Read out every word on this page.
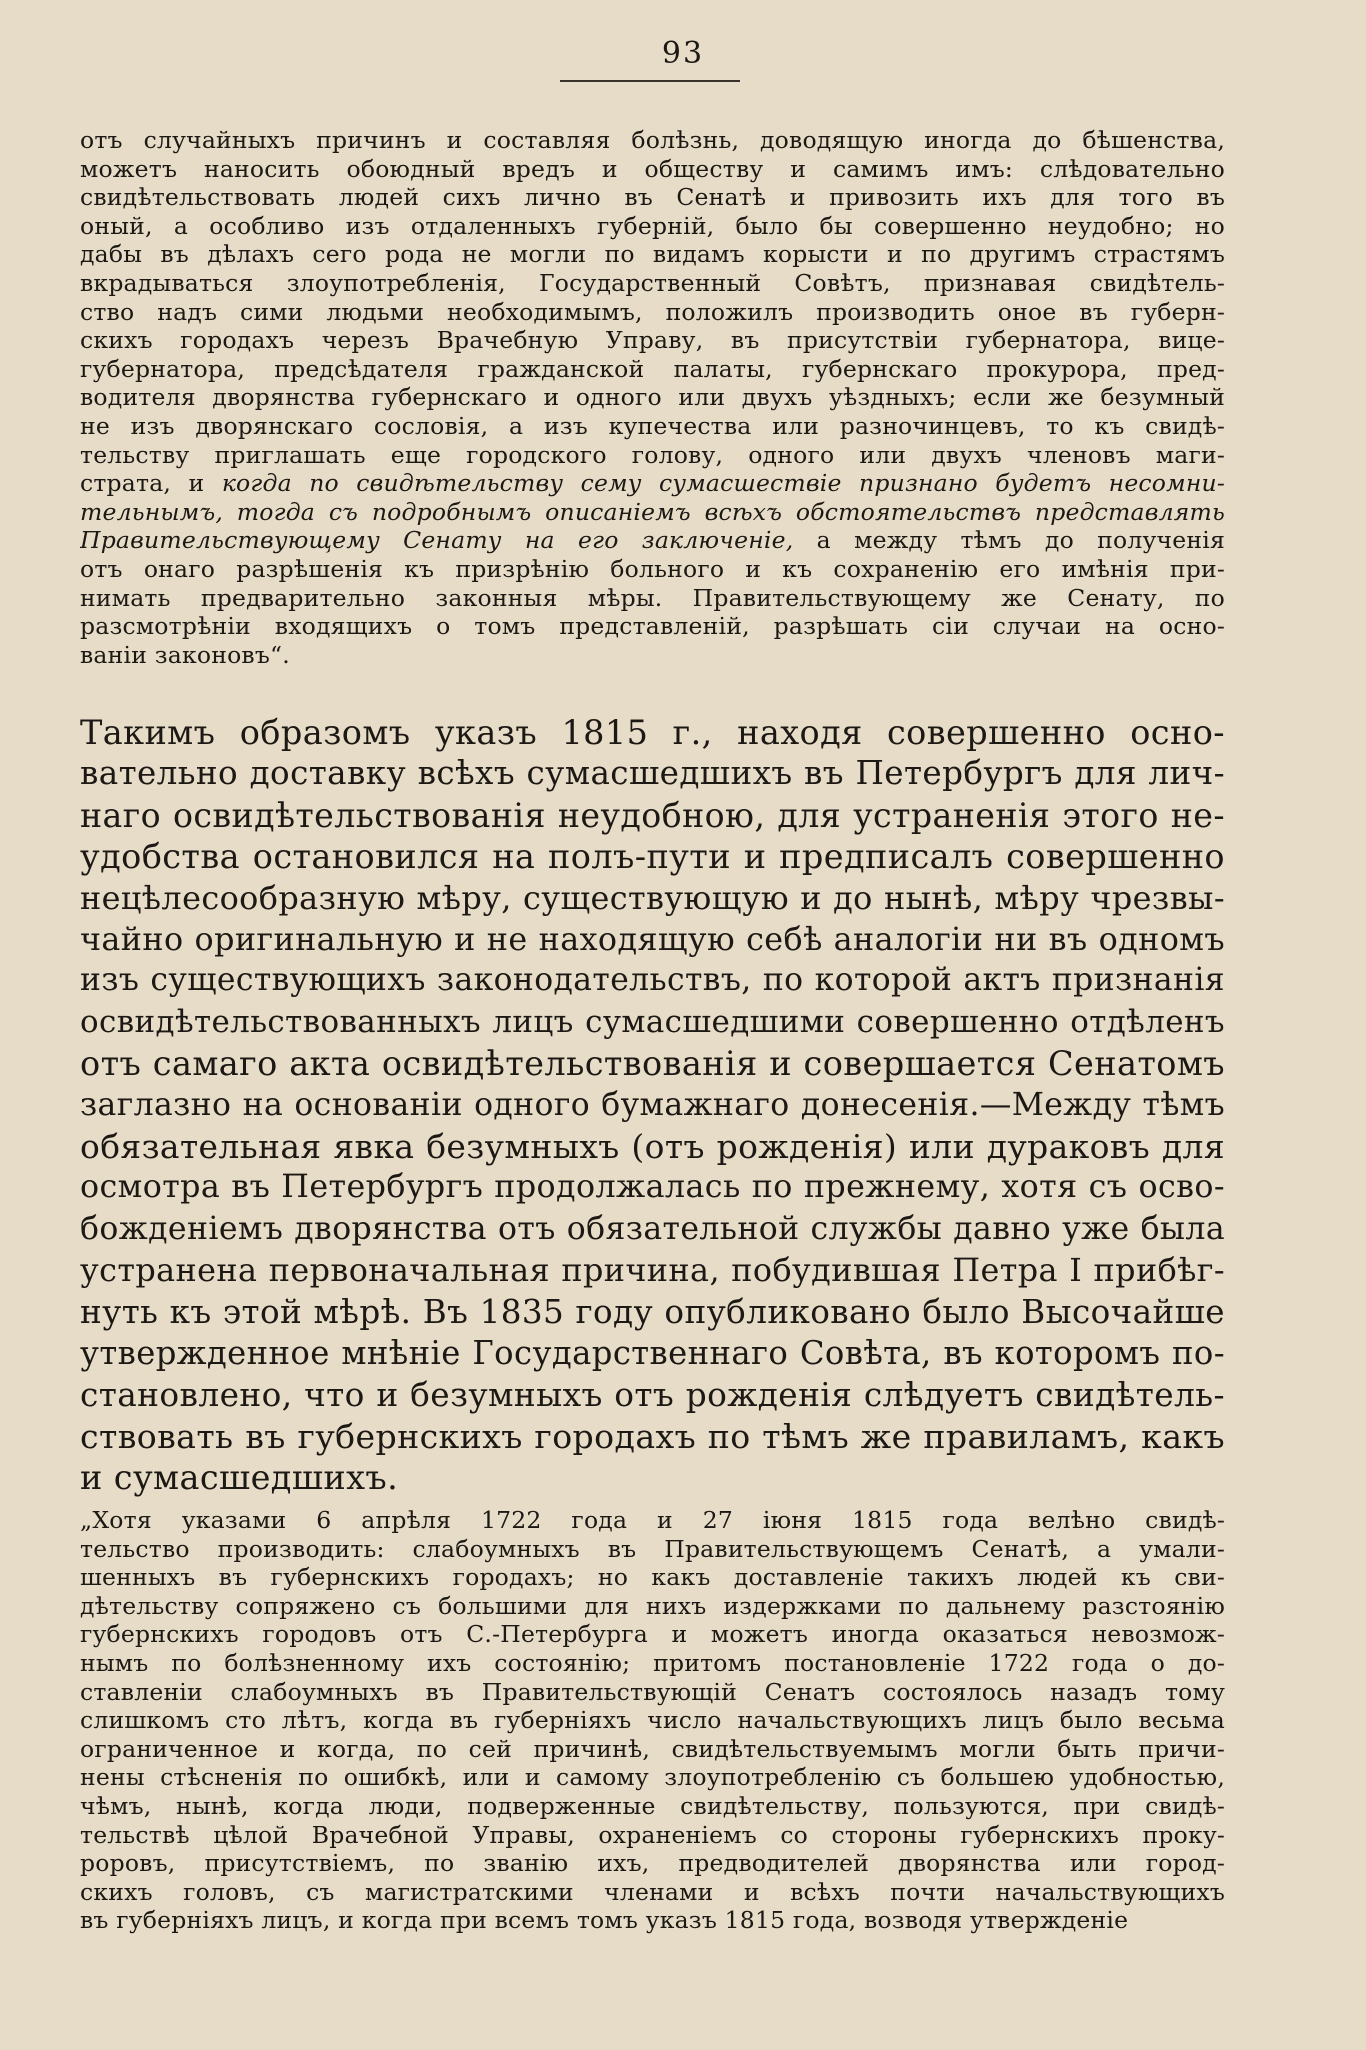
93
отъ случайныхъ причинъ и составляя болѣзнь, доводящую иногда до бѣшенства,
можетъ наносить обоюдный вредъ и обществу и самимъ имъ: слѣдовательно
свидѣтельствовать людей сихъ лично въ Сенатѣ и привозить ихъ для того въ
оный, а особливо изъ отдаленныхъ губерній, было бы совершенно неудобно; но
дабы въ дѣлахъ сего рода не могли по видамъ корысти и по другимъ страстямъ
вкрадываться злоупотребленія, Государственный Совѣтъ, признавая свидѣтель-
ство надъ сими людьми необходимымъ, положилъ производить оное въ губерн-
скихъ городахъ черезъ Врачебную Управу, въ присутствіи губернатора, вице-
губернатора, предсѣдателя гражданской палаты, губернскаго прокурора, пред-
водителя дворянства губернскаго и одного или двухъ уѣздныхъ; если же безумный
не изъ дворянскаго сословія, а изъ купечества или разночинцевъ, то къ свидѣ-
тельству приглашать еще городского голову, одного или двухъ членовъ маги-
страта, и когда по свидѣтельству сему сумасшествіе признано будетъ несомни-
тельнымъ, тогда съ подробнымъ описаніемъ всѣхъ обстоятельствъ представлять
Правительствующему Сенату на его заключеніе, а между тѣмъ до полученія
отъ онаго разрѣшенія къ призрѣнію больного и къ сохраненію его имѣнія при-
нимать предварительно законныя мѣры. Правительствующему же Сенату, по
разсмотрѣніи входящихъ о томъ представленій, разрѣшать сіи случаи на осно-
ваніи законовъ“.
Такимъ образомъ указъ 1815 г., находя совершенно осно-
вательно доставку всѣхъ сумасшедшихъ въ Петербургъ для лич-
наго освидѣтельствованія неудобною, для устраненія этого не-
удобства остановился на полъ-пути и предписалъ совершенно
нецѣлесообразную мѣру, существующую и до нынѣ, мѣру чрезвы-
чайно оригинальную и не находящую себѣ аналогіи ни въ одномъ
изъ существующихъ законодательствъ, по которой актъ признанія
освидѣтельствованныхъ лицъ сумасшедшими совершенно отдѣленъ
отъ самаго акта освидѣтельствованія и совершается Сенатомъ
заглазно на основаніи одного бумажнаго донесенія.—Между тѣмъ
обязательная явка безумныхъ (отъ рожденія) или дураковъ для
осмотра въ Петербургъ продолжалась по прежнему, хотя съ осво-
божденіемъ дворянства отъ обязательной службы давно уже была
устранена первоначальная причина, побудившая Петра I прибѣг-
нуть къ этой мѣрѣ. Въ 1835 году опубликовано было Высочайше
утвержденное мнѣніе Государственнаго Совѣта, въ которомъ по-
становлено, что и безумныхъ отъ рожденія слѣдуетъ свидѣтель-
ствовать въ губернскихъ городахъ по тѣмъ же правиламъ, какъ
и сумасшедшихъ.
„Хотя указами 6 апрѣля 1722 года и 27 іюня 1815 года велѣно свидѣ-
тельство производить: слабоумныхъ въ Правительствующемъ Сенатѣ, а умали-
шенныхъ въ губернскихъ городахъ; но какъ доставленіе такихъ людей къ сви-
дѣтельству сопряжено съ большими для нихъ издержками по дальнему разстоянію
губернскихъ городовъ отъ С.-Петербурга и можетъ иногда оказаться невозмож-
нымъ по болѣзненному ихъ состоянію; притомъ постановленіе 1722 года о до-
ставленіи слабоумныхъ въ Правительствующій Сенатъ состоялось назадъ тому
слишкомъ сто лѣтъ, когда въ губерніяхъ число начальствующихъ лицъ было весьма
ограниченное и когда, по сей причинѣ, свидѣтельствуемымъ могли быть причи-
нены стѣсненія по ошибкѣ, или и самому злоупотребленію съ большею удобностью,
чѣмъ, нынѣ, когда люди, подверженные свидѣтельству, пользуются, при свидѣ-
тельствѣ цѣлой Врачебной Управы, охраненіемъ со стороны губернскихъ проку-
роровъ, присутствіемъ, по званію ихъ, предводителей дворянства или город-
скихъ головъ, съ магистратскими членами и всѣхъ почти начальствующихъ
въ губерніяхъ лицъ, и когда при всемъ томъ указъ 1815 года, возводя утвержденіе
